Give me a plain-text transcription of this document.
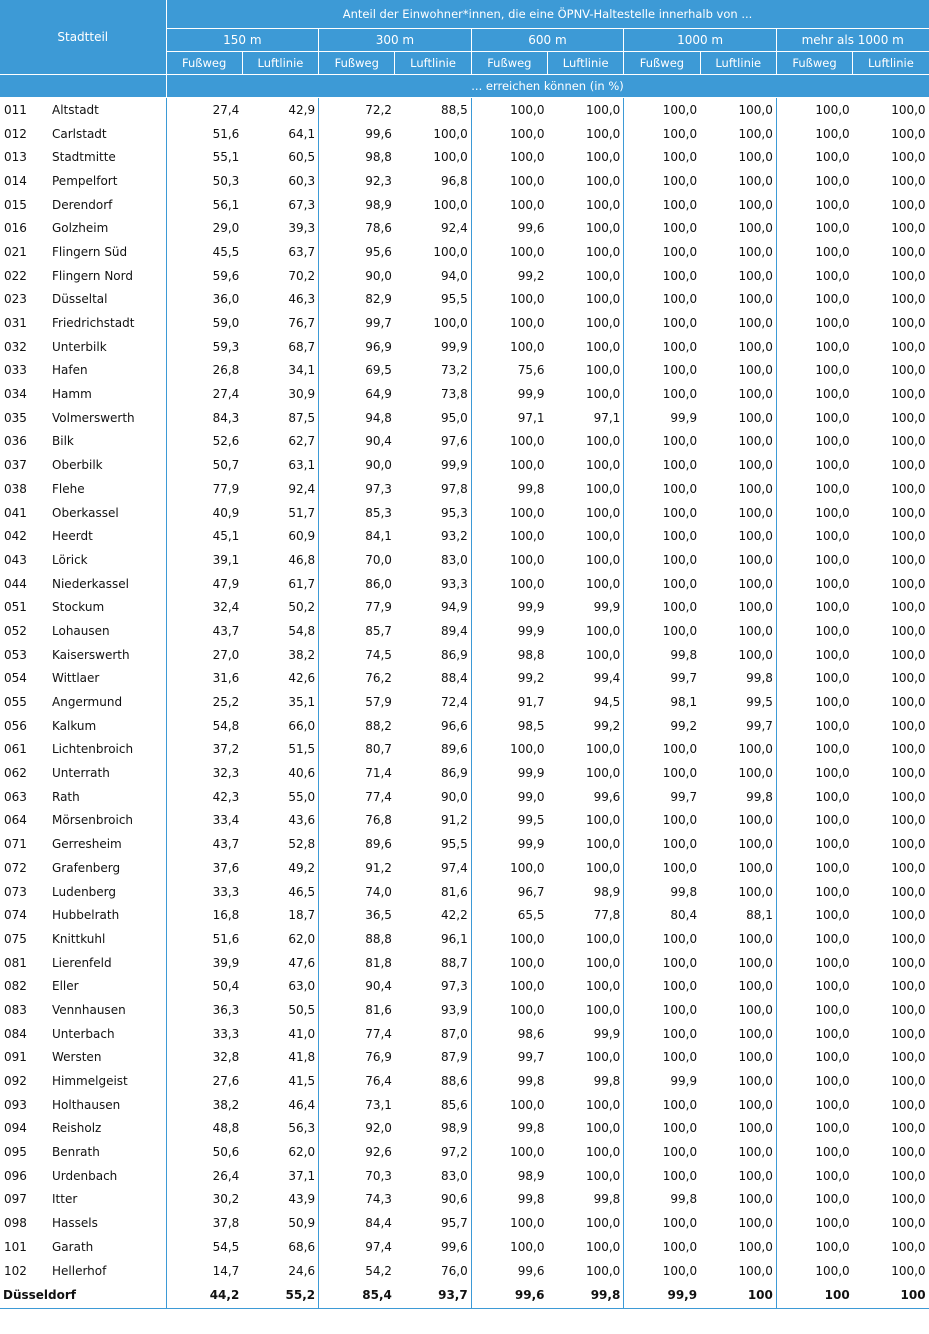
Stadtteil		Anteil der Einwohner*innen, die eine ÖPNV-Haltestelle innerhalb von ...									
		150 m		300 m		600 m		1000 m		mehr als 1000 m	
		Fußweg	Luftlinie	Fußweg	Luftlinie	Fußweg	Luftlinie	Fußweg	Luftlinie	Fußweg	Luftlinie
		... erreichen können (in %)									
011	Altstadt	27,4	42,9	72,2	88,5	100,0	100,0	100,0	100,0	100,0	100,0
012	Carlstadt	51,6	64,1	99,6	100,0	100,0	100,0	100,0	100,0	100,0	100,0
013	Stadtmitte	55,1	60,5	98,8	100,0	100,0	100,0	100,0	100,0	100,0	100,0
014	Pempelfort	50,3	60,3	92,3	96,8	100,0	100,0	100,0	100,0	100,0	100,0
015	Derendorf	56,1	67,3	98,9	100,0	100,0	100,0	100,0	100,0	100,0	100,0
016	Golzheim	29,0	39,3	78,6	92,4	99,6	100,0	100,0	100,0	100,0	100,0
021	Flingern Süd	45,5	63,7	95,6	100,0	100,0	100,0	100,0	100,0	100,0	100,0
022	Flingern Nord	59,6	70,2	90,0	94,0	99,2	100,0	100,0	100,0	100,0	100,0
023	Düsseltal	36,0	46,3	82,9	95,5	100,0	100,0	100,0	100,0	100,0	100,0
031	Friedrichstadt	59,0	76,7	99,7	100,0	100,0	100,0	100,0	100,0	100,0	100,0
032	Unterbilk	59,3	68,7	96,9	99,9	100,0	100,0	100,0	100,0	100,0	100,0
033	Hafen	26,8	34,1	69,5	73,2	75,6	100,0	100,0	100,0	100,0	100,0
034	Hamm	27,4	30,9	64,9	73,8	99,9	100,0	100,0	100,0	100,0	100,0
035	Volmerswerth	84,3	87,5	94,8	95,0	97,1	97,1	99,9	100,0	100,0	100,0
036	Bilk	52,6	62,7	90,4	97,6	100,0	100,0	100,0	100,0	100,0	100,0
037	Oberbilk	50,7	63,1	90,0	99,9	100,0	100,0	100,0	100,0	100,0	100,0
038	Flehe	77,9	92,4	97,3	97,8	99,8	100,0	100,0	100,0	100,0	100,0
041	Oberkassel	40,9	51,7	85,3	95,3	100,0	100,0	100,0	100,0	100,0	100,0
042	Heerdt	45,1	60,9	84,1	93,2	100,0	100,0	100,0	100,0	100,0	100,0
043	Lörick	39,1	46,8	70,0	83,0	100,0	100,0	100,0	100,0	100,0	100,0
044	Niederkassel	47,9	61,7	86,0	93,3	100,0	100,0	100,0	100,0	100,0	100,0
051	Stockum	32,4	50,2	77,9	94,9	99,9	99,9	100,0	100,0	100,0	100,0
052	Lohausen	43,7	54,8	85,7	89,4	99,9	100,0	100,0	100,0	100,0	100,0
053	Kaiserswerth	27,0	38,2	74,5	86,9	98,8	100,0	99,8	100,0	100,0	100,0
054	Wittlaer	31,6	42,6	76,2	88,4	99,2	99,4	99,7	99,8	100,0	100,0
055	Angermund	25,2	35,1	57,9	72,4	91,7	94,5	98,1	99,5	100,0	100,0
056	Kalkum	54,8	66,0	88,2	96,6	98,5	99,2	99,2	99,7	100,0	100,0
061	Lichtenbroich	37,2	51,5	80,7	89,6	100,0	100,0	100,0	100,0	100,0	100,0
062	Unterrath	32,3	40,6	71,4	86,9	99,9	100,0	100,0	100,0	100,0	100,0
063	Rath	42,3	55,0	77,4	90,0	99,0	99,6	99,7	99,8	100,0	100,0
064	Mörsenbroich	33,4	43,6	76,8	91,2	99,5	100,0	100,0	100,0	100,0	100,0
071	Gerresheim	43,7	52,8	89,6	95,5	99,9	100,0	100,0	100,0	100,0	100,0
072	Grafenberg	37,6	49,2	91,2	97,4	100,0	100,0	100,0	100,0	100,0	100,0
073	Ludenberg	33,3	46,5	74,0	81,6	96,7	98,9	99,8	100,0	100,0	100,0
074	Hubbelrath	16,8	18,7	36,5	42,2	65,5	77,8	80,4	88,1	100,0	100,0
075	Knittkuhl	51,6	62,0	88,8	96,1	100,0	100,0	100,0	100,0	100,0	100,0
081	Lierenfeld	39,9	47,6	81,8	88,7	100,0	100,0	100,0	100,0	100,0	100,0
082	Eller	50,4	63,0	90,4	97,3	100,0	100,0	100,0	100,0	100,0	100,0
083	Vennhausen	36,3	50,5	81,6	93,9	100,0	100,0	100,0	100,0	100,0	100,0
084	Unterbach	33,3	41,0	77,4	87,0	98,6	99,9	100,0	100,0	100,0	100,0
091	Wersten	32,8	41,8	76,9	87,9	99,7	100,0	100,0	100,0	100,0	100,0
092	Himmelgeist	27,6	41,5	76,4	88,6	99,8	99,8	99,9	100,0	100,0	100,0
093	Holthausen	38,2	46,4	73,1	85,6	100,0	100,0	100,0	100,0	100,0	100,0
094	Reisholz	48,8	56,3	92,0	98,9	99,8	100,0	100,0	100,0	100,0	100,0
095	Benrath	50,6	62,0	92,6	97,2	100,0	100,0	100,0	100,0	100,0	100,0
096	Urdenbach	26,4	37,1	70,3	83,0	98,9	100,0	100,0	100,0	100,0	100,0
097	Itter	30,2	43,9	74,3	90,6	99,8	99,8	99,8	100,0	100,0	100,0
098	Hassels	37,8	50,9	84,4	95,7	100,0	100,0	100,0	100,0	100,0	100,0
101	Garath	54,5	68,6	97,4	99,6	100,0	100,0	100,0	100,0	100,0	100,0
102	Hellerhof	14,7	24,6	54,2	76,0	99,6	100,0	100,0	100,0	100,0	100,0
Düsseldorf		44,2	55,2	85,4	93,7	99,6	99,8	99,9	100	100	100
